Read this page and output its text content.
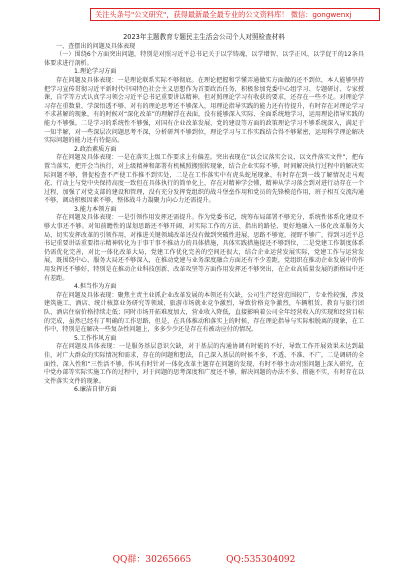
关注头条号"公文研究"，获得最新最全最专业的公文资料库！ 微信：gongwenxj
2023年主题教育专题民主生活会公司个人对照检查材料
一、查摆出的问题及具体表现
（一）围绕6个方面突出问题，特别是对照习近平总书记关于以学铸魂、以学增智、以学正风、以学促干的12条具体要求进行剖析。
1.理论学习方面
存在问题及具体表现：一是理论联系实际不够彻底。在理论把握和学懂弄通做实方面做的还不到位，本人能够坚持把学习宣传贯彻习近平新时代中国特色社会主义思想作为首要政治任务，积极参加党委中心组学习、专题研讨、专家授课，自学等方式认真学习领会习近平总书记重要讲话精神，但对照理论学习有收获的要求，还存在一些不足。对理论学习存在重数量、学深悟透不够、对有的理论思考还不够深入，用理论指导实践的能力还有待提升，有时存在对理论学习不求甚解的现象，有的时候对“深化改革”的理解浮在表面，没有能够深入实际、全面系统地学习，运用理论指导实践的能力不够强。二是学习的系统性不够强，对国有企业改革发展、党的建设等方面的政策理论学习不够系统深入，满足于一知半解，对一些深层次问题思考不深，分析研判不够到位，理论学习与工作实践结合得不够紧密，运用科学理论解决实际问题的能力还有待提高。
2.政治素质方面
存在问题及具体表现：一是在落实上级工作要求上有偏差。突出表现在“以会议落实会议、以文件落实文件”，把布置当落实，把开会当执行，对上级精神和部署有机械照搬照转现象，结合企业实际不够，时间解决执行过程中的解决实际问题不够，督促检查不严使工作推不到实处，二是在工作落实中有虎头蛇尾现象，有时存在到一线了解情况走马观花、行动上与党中央保持高度一致但在具体执行的简单化上，存在对精神学会懂，精神从学习落会到对进行动存在一个过程，加强了对党支部的建设和管理，没有充分发挥党组织的战斗堡垒作用和党员的先锋模范作用，班子相互交流沟通不够，调动积极因素不够，整体战斗力凝聚力向心力还需提升。
3.能力本领方面
存在问题及具体表现：一是引领作用发挥还需提升。作为党委书记，统筹布局部署不够充分，系统性体系化建设不够大事还不够。对知前瞻性的谋划思路还不够开阔，对实际工作的方法、指出的路径、更好地融入一体化改革服务大局、切实发挥改革的引领作用，对推进关键领域改革还没有做到突破性进展，思路不够宽，视野不够广，得到习近平总书记重要讲话重要指示精神转化为于事干事不推动力的具体措施，具体实践措施提还不够到位，二是党建工作制度体系仍需优化完善，对比一体化改革大局，党建工作优化完善的空间还很大，结合企业运营发展实际，党建工作与运营发展，既围绕中心、服务大局还不够深入，在推动党建与业务深度融合方面还有不少差距，党组织在推动企业发展中的作用发挥还不够好，特别是在推动企业科技创新、改革攻坚等方面作用发挥还不够突出，在企业高质量发展的新格局中还有差距。
4.担当作为方面
存在问题及具体表现：聚焦主责主业抓企业改革发展的本领还有欠缺，公司生产经营范围较广，专业性较强，涉及建筑施工、酒店、统计核算业务研究等领域，旅游市场就业竞争激烈，导致价格竞争激烈，车辆租赁、教育与旅行团队、酒店住宿价格持续走低；同时市场开拓难度加大，营业收入降低，直接影响着公司全年经营收入的实现和经营目标的完成，虽然已经有了明确的工作思路，但是，在具体推动和落实上的时候，存在理论指导与实际相脱离的现象，在工作中，特别是在解决一些复杂性问题上，多多少少还是存在有被动应付的情况。
5.工作作风方面
存在问题及具体表现：一是服务基层意识欠缺，对于基层的沟通协调有时能的不好，导致工作开展效果未达到最佳，对广大群众的实际情况和需求，存在的问题和想法，自己深入基层的时候不多，不透、不准、不广，二是调研的全面性、深入性和“三性活不够，作风有时针对一体化改革主题存在问题的发现，有时不够主动对照问题上深入研究，在中党办部等实际实施工作的过程中，对于问题的思考深度和广度还不够，解决问题的办法不多、措施不实，有时存在以文件落实文件的现象。
6.廉洁自律方面
QQ群：30265665	QQ:535304092
